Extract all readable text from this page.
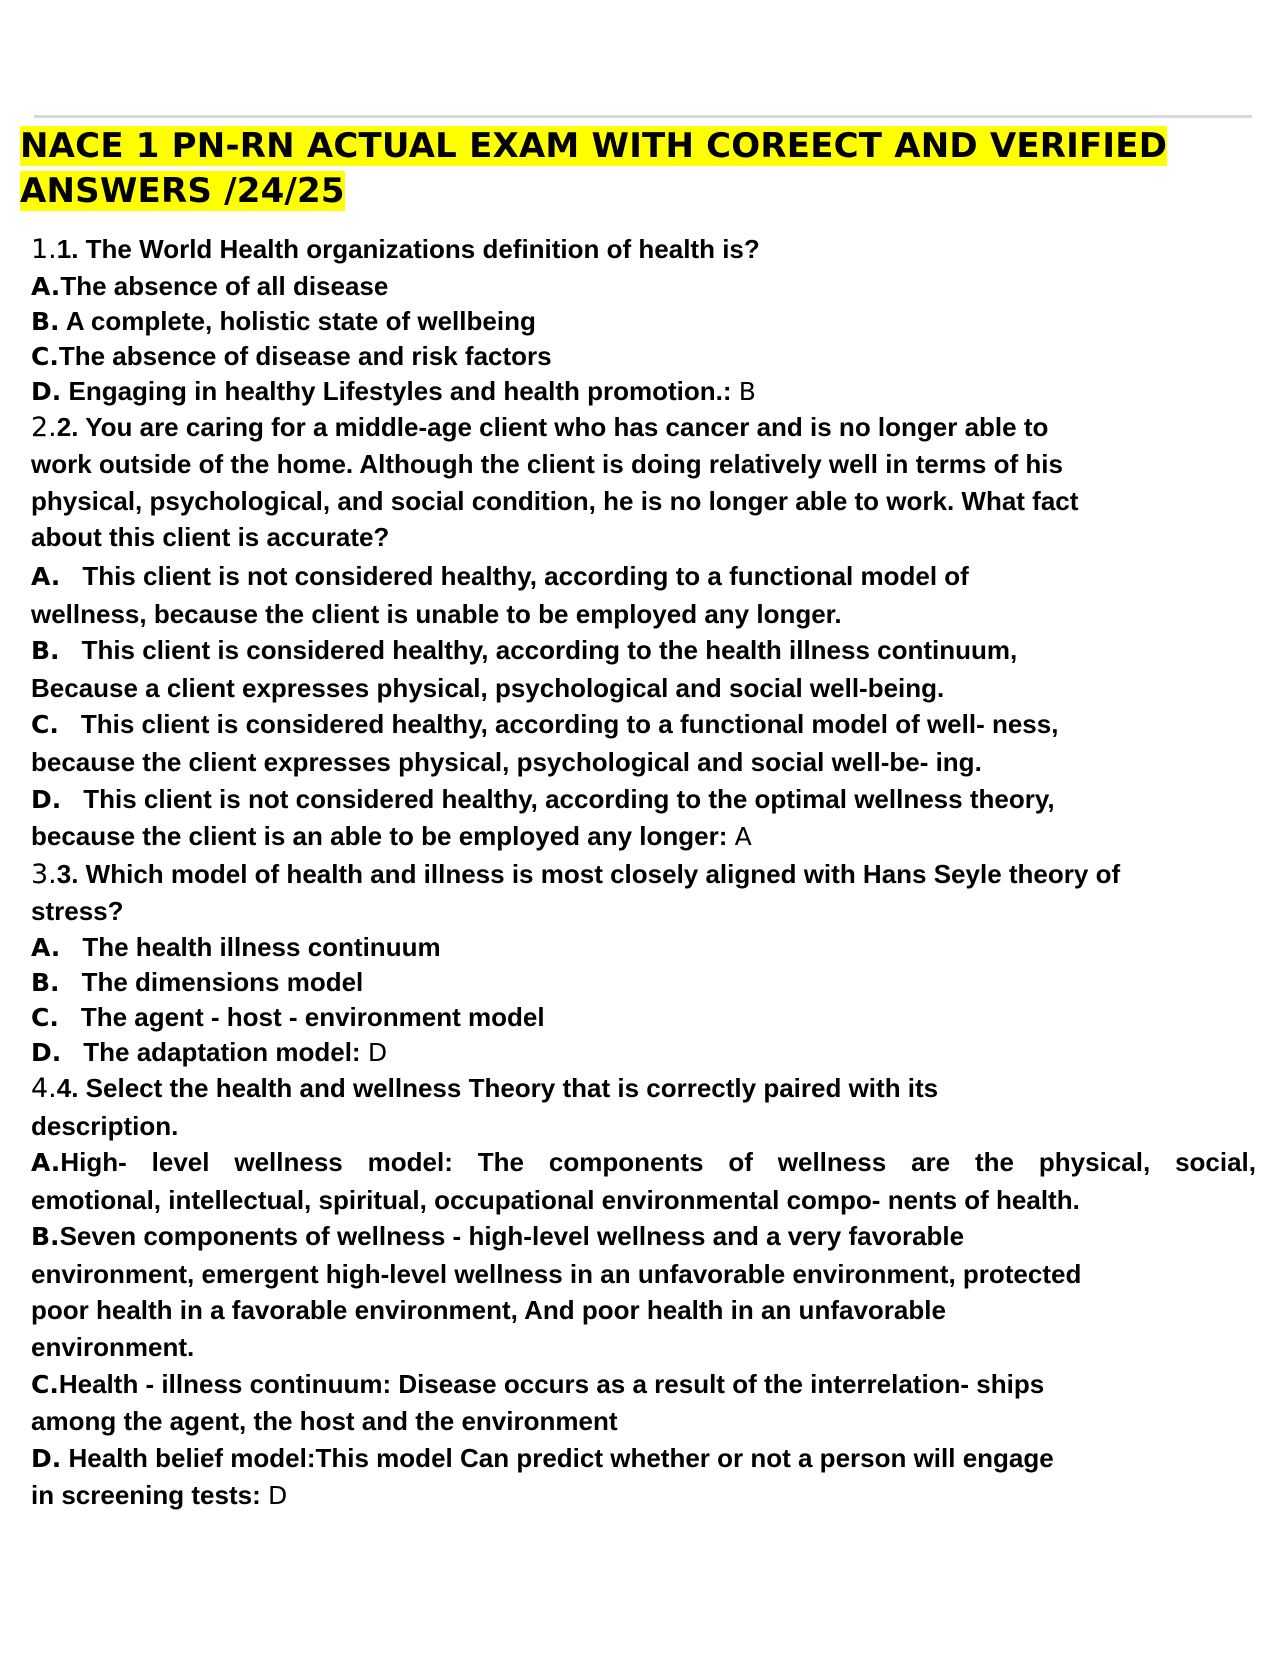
NACE 1 PN-RN ACTUAL EXAM WITH COREECT AND VERIFIED
ANSWERS /24/25
1.1. The World Health organizations definition of health is?
A.The absence of all disease
B. A complete, holistic state of wellbeing
C.The absence of disease and risk factors
D. Engaging in healthy Lifestyles and health promotion.: B
2.2. You are caring for a middle-age client who has cancer and is no longer able to
work outside of the home. Although the client is doing relatively well in terms of his
physical, psychological, and social condition, he is no longer able to work. What fact
about this client is accurate?
A. This client is not considered healthy, according to a functional model of
wellness, because the client is unable to be employed any longer.
B. This client is considered healthy, according to the health illness continuum,
Because a client expresses physical, psychological and social well-being.
C. This client is considered healthy, according to a functional model of well- ness,
because the client expresses physical, psychological and social well-be- ing.
D. This client is not considered healthy, according to the optimal wellness theory,
because the client is an able to be employed any longer: A
3.3. Which model of health and illness is most closely aligned with Hans Seyle theory of
stress?
A. The health illness continuum
B. The dimensions model
C. The agent - host - environment model
D. The adaptation model: D
4.4. Select the health and wellness Theory that is correctly paired with its
description.
A.High- level wellness model: The components of wellness are the physical, social,
emotional, intellectual, spiritual, occupational environmental compo- nents of health.
B.Seven components of wellness - high-level wellness and a very favorable
environment, emergent high-level wellness in an unfavorable environment, protected
poor health in a favorable environment, And poor health in an unfavorable
environment.
C.Health - illness continuum: Disease occurs as a result of the interrelation- ships
among the agent, the host and the environment
D. Health belief model:This model Can predict whether or not a person will engage
in screening tests: D
